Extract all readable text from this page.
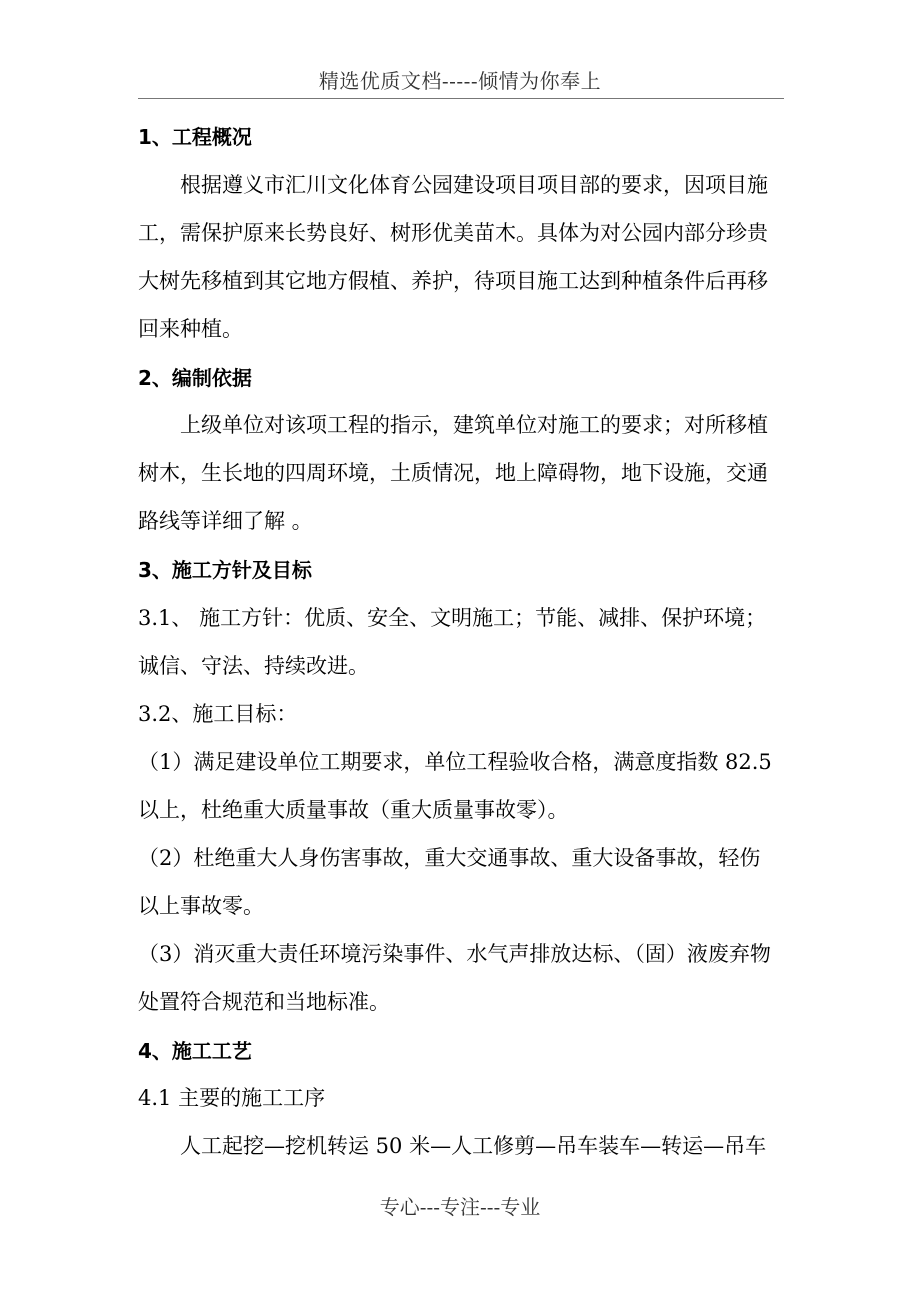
精选优质文档-----倾情为你奉上
1、工程概况
根据遵义市汇川文化体育公园建设项目项目部的要求，因项目施
工，需保护原来长势良好、树形优美苗木。具体为对公园内部分珍贵
大树先移植到其它地方假植、养护，待项目施工达到种植条件后再移
回来种植。
2、编制依据
上级单位对该项工程的指示，建筑单位对施工的要求；对所移植
树木，生长地的四周环境，土质情况，地上障碍物，地下设施，交通
路线等详细了解 。
3、施工方针及目标
3.1、 施工方针：优质、安全、文明施工；节能、减排、保护环境；
诚信、守法、持续改进。
3.2、施工目标：
（1）满足建设单位工期要求，单位工程验收合格，满意度指数 82.5
以上，杜绝重大质量事故（重大质量事故零）。
（2）杜绝重大人身伤害事故，重大交通事故、重大设备事故，轻伤
以上事故零。
（3）消灭重大责任环境污染事件、水气声排放达标、（固）液废弃物
处置符合规范和当地标准。
4、施工工艺
4.1 主要的施工工序
人工起挖—挖机转运 50 米—人工修剪—吊车装车—转运—吊车
专心---专注---专业
